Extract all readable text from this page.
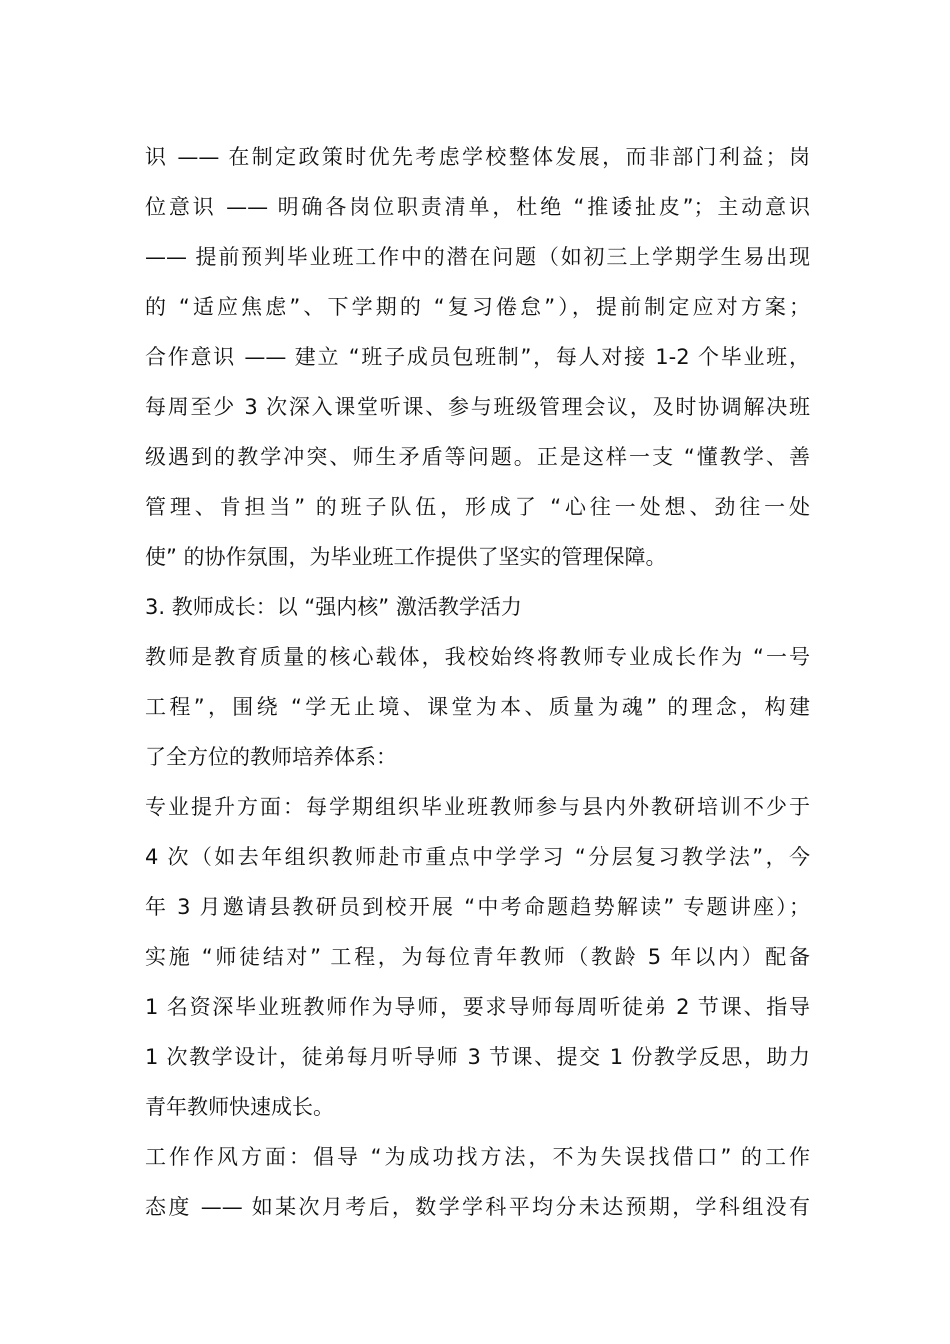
识 —— 在制定政策时优先考虑学校整体发展，而非部门利益；岗
位意识 —— 明确各岗位职责清单，杜绝 “推诿扯皮”；主动意识
—— 提前预判毕业班工作中的潜在问题（如初三上学期学生易出现
的 “适应焦虑”、下学期的 “复习倦怠”），提前制定应对方案；
合作意识 —— 建立 “班子成员包班制”，每人对接 1-2 个毕业班，
每周至少 3 次深入课堂听课、参与班级管理会议，及时协调解决班
级遇到的教学冲突、师生矛盾等问题。正是这样一支 “懂教学、善
管理、肯担当” 的班子队伍，形成了 “心往一处想、劲往一处
使” 的协作氛围，为毕业班工作提供了坚实的管理保障。
3. 教师成长：以 “强内核” 激活教学活力
教师是教育质量的核心载体，我校始终将教师专业成长作为 “一号
工程”，围绕 “学无止境、课堂为本、质量为魂” 的理念，构建
了全方位的教师培养体系：
专业提升方面：每学期组织毕业班教师参与县内外教研培训不少于
4 次（如去年组织教师赴市重点中学学习 “分层复习教学法”，今
年 3 月邀请县教研员到校开展 “中考命题趋势解读” 专题讲座）；
实施 “师徒结对” 工程，为每位青年教师（教龄 5 年以内）配备
1 名资深毕业班教师作为导师，要求导师每周听徒弟 2 节课、指导
1 次教学设计，徒弟每月听导师 3 节课、提交 1 份教学反思，助力
青年教师快速成长。
工作作风方面：倡导 “为成功找方法，不为失误找借口” 的工作
态度 —— 如某次月考后，数学学科平均分未达预期，学科组没有
